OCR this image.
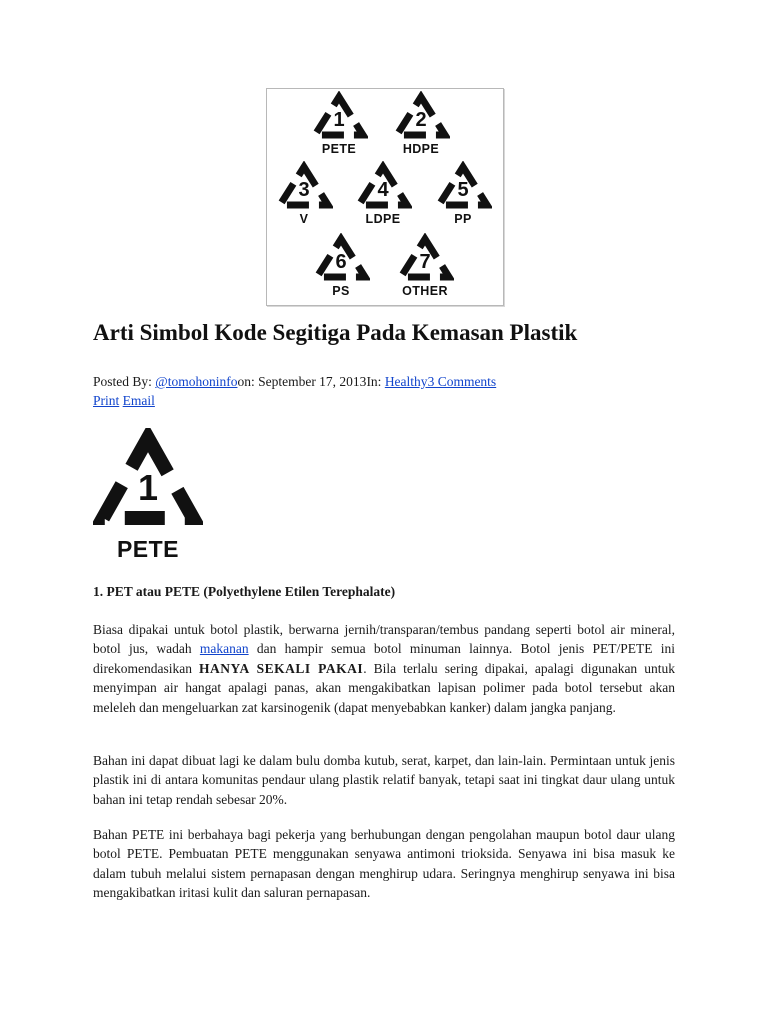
1
PETE
2
HDPE
3
V
4
LDPE
5
PP
6
PS
7
OTHER
Arti Simbol Kode Segitiga Pada Kemasan Plastik
Posted By: @tomohoninfoon: September 17, 2013In: Healthy3 Comments
Print Email
1
PETE
1. PET atau PETE (Polyethylene Etilen Terephalate)

Biasa dipakai untuk botol plastik, berwarna jernih/transparan/tembus pandang seperti botol air mineral, botol jus, wadah makanan dan hampir semua botol minuman lainnya. Botol jenis PET/PETE ini direkomendasikan HANYA SEKALI PAKAI. Bila terlalu sering dipakai, apalagi digunakan untuk menyimpan air hangat apalagi panas, akan mengakibatkan lapisan polimer pada botol tersebut akan meleleh dan mengeluarkan zat karsinogenik (dapat menyebabkan kanker) dalam jangka panjang.

Bahan ini dapat dibuat lagi ke dalam bulu domba kutub, serat, karpet, dan lain-lain. Permintaan untuk jenis plastik ini di antara komunitas pendaur ulang plastik relatif banyak, tetapi saat ini tingkat daur ulang untuk bahan ini tetap rendah sebesar 20%.

Bahan PETE ini berbahaya bagi pekerja yang berhubungan dengan pengolahan maupun botol daur ulang botol PETE. Pembuatan PETE menggunakan senyawa antimoni trioksida. Senyawa ini bisa masuk ke dalam tubuh melalui sistem pernapasan dengan menghirup udara. Seringnya menghirup senyawa ini bisa mengakibatkan iritasi kulit dan saluran pernapasan.
